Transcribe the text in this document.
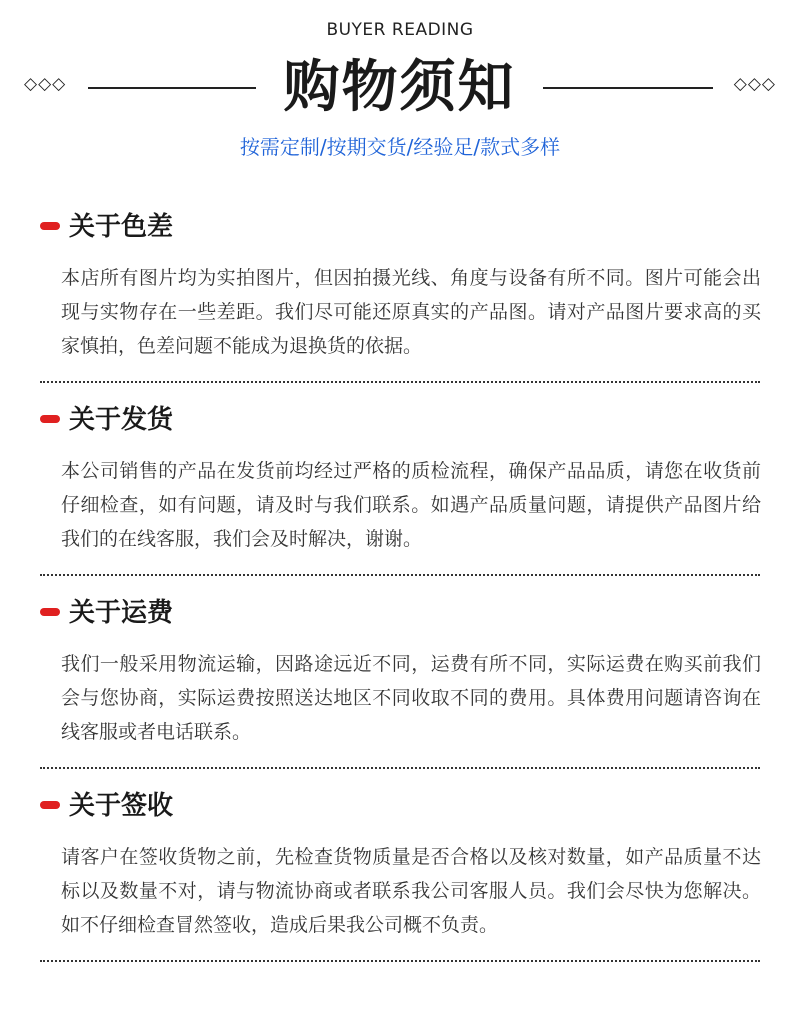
BUYER READING
◇◇◇	购物须知	◇◇◇
按需定制/按期交货/经验足/款式多样
关于色差
本店所有图片均为实拍图片，但因拍摄光线、角度与设备有所不同。图片可能会出现与实物存在一些差距。我们尽可能还原真实的产品图。请对产品图片要求高的买家慎拍，色差问题不能成为退换货的依据。
关于发货
本公司销售的产品在发货前均经过严格的质检流程，确保产品品质，请您在收货前仔细检查，如有问题，请及时与我们联系。如遇产品质量问题，请提供产品图片给我们的在线客服，我们会及时解决，谢谢。
关于运费
我们一般采用物流运输，因路途远近不同，运费有所不同，实际运费在购买前我们会与您协商，实际运费按照送达地区不同收取不同的费用。具体费用问题请咨询在线客服或者电话联系。
关于签收
请客户在签收货物之前，先检查货物质量是否合格以及核对数量，如产品质量不达标以及数量不对，请与物流协商或者联系我公司客服人员。我们会尽快为您解决。如不仔细检查冒然签收，造成后果我公司概不负责。
